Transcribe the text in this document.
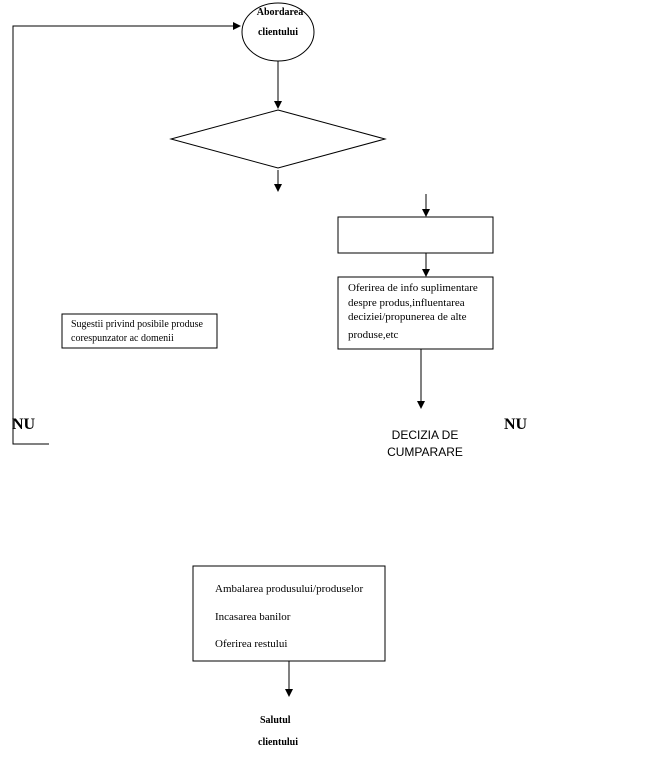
Abordarea
clientului
Sugestii privind posibile produse
corespunzator ac domenii
Oferirea de info suplimentare
despre produs,influentarea
deciziei/propunerea de alte
produse,etc
NU	NU
DECIZIA DE
CUMPARARE
Ambalarea produsului/produselor
Incasarea banilor
Oferirea restului
Salutul
clientului
